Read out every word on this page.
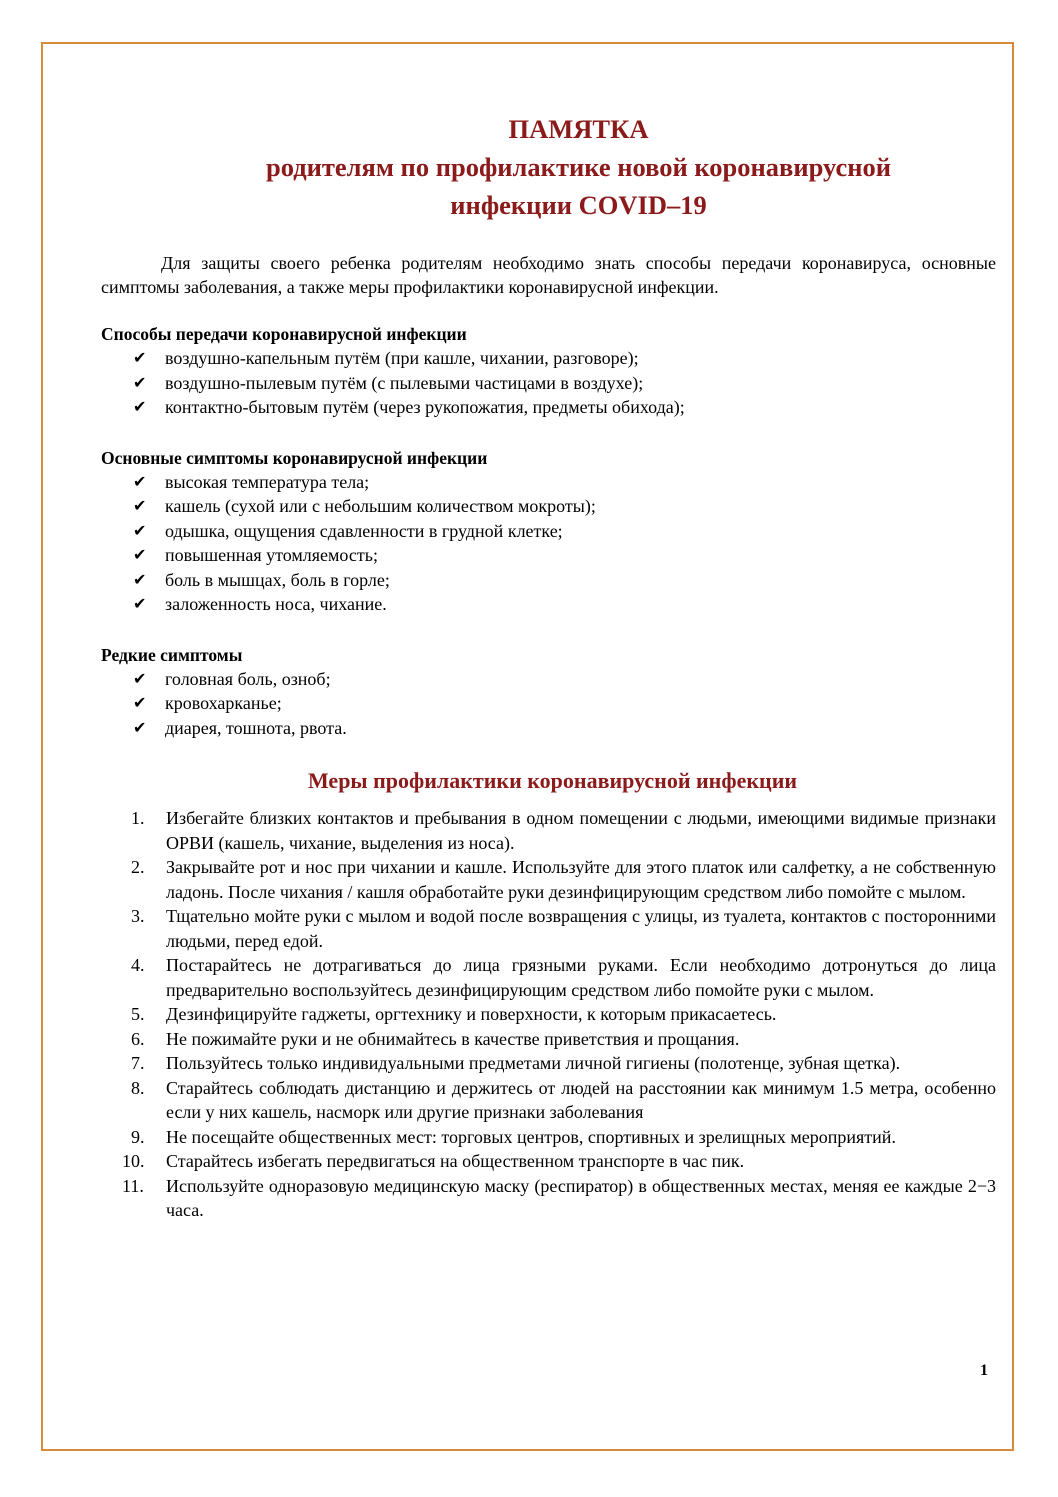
ПАМЯТКА
родителям по профилактике новой коронавирусной
инфекции COVID–19

Для защиты своего ребенка родителям необходимо знать способы передачи коронавируса, основные симптомы заболевания, а также меры профилактики коронавирусной инфекции.

Способы передачи коронавирусной инфекции
✔ воздушно-капельным путём (при кашле, чихании, разговоре);
✔ воздушно-пылевым путём (с пылевыми частицами в воздухе);
✔ контактно-бытовым путём (через рукопожатия, предметы обихода);
Основные симптомы коронавирусной инфекции
✔ высокая температура тела;
✔ кашель (сухой или с небольшим количеством мокроты);
✔ одышка, ощущения сдавленности в грудной клетке;
✔ повышенная утомляемость;
✔ боль в мышцах, боль в горле;
✔ заложенность носа, чихание.
Редкие симптомы
✔ головная боль, озноб;
✔ кровохарканье;
✔ диарея, тошнота, рвота.
Меры профилактики коронавирусной инфекции
1. Избегайте близких контактов и пребывания в одном помещении с людьми, имеющими видимые признаки ОРВИ (кашель, чихание, выделения из носа).
2. Закрывайте рот и нос при чихании и кашле. Используйте для этого платок или салфетку, а не собственную ладонь. После чихания / кашля обработайте руки дезинфицирующим средством либо помойте с мылом.
3. Тщательно мойте руки с мылом и водой после возвращения с улицы, из туалета, контактов с посторонними людьми, перед едой.
4. Постарайтесь не дотрагиваться до лица грязными руками. Если необходимо дотронуться до лица предварительно воспользуйтесь дезинфицирующим средством либо помойте руки с мылом.
5. Дезинфицируйте гаджеты, оргтехнику и поверхности, к которым прикасаетесь.
6. Не пожимайте руки и не обнимайтесь в качестве приветствия и прощания.
7. Пользуйтесь только индивидуальными предметами личной гигиены (полотенце, зубная щетка).
8. Старайтесь соблюдать дистанцию и держитесь от людей на расстоянии как минимум 1.5 метра, особенно если у них кашель, насморк или другие признаки заболевания
9. Не посещайте общественных мест: торговых центров, спортивных и зрелищных мероприятий.
10. Старайтесь избегать передвигаться на общественном транспорте в час пик.
11. Используйте одноразовую медицинскую маску (респиратор) в общественных местах, меняя ее каждые 2−3 часа.
1
